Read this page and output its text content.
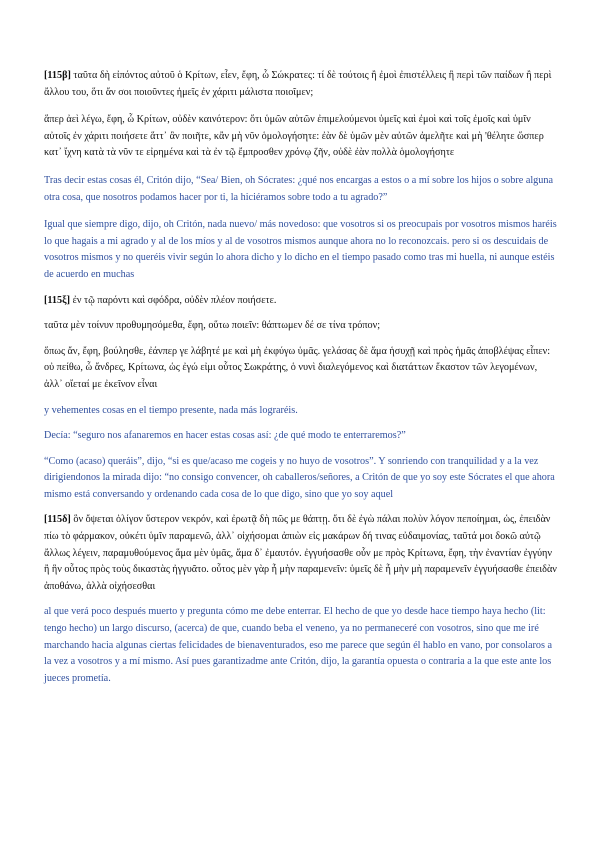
[115β] ταῦτα δὴ εἰπόντος αὐτοῦ ὁ Κρίτων, εἶεν, ἔφη, ὦ Σώκρατες: τί δὲ τούτοις ἢ ἐμοὶ ἐπιστέλλεις ἢ περὶ τῶν παίδων ἢ περὶ ἄλλου του, ὅτι ἄν σοι ποιοῦντες ἡμεῖς ἐν χάριτι μάλιστα ποιοῖμεν;

ἅπερ ἀεὶ λέγω, ἔφη, ὦ Κρίτων, οὐδὲν καινότερον: ὅτι ὑμῶν αὐτῶν ἐπιμελούμενοι ὑμεῖς καὶ ἐμοὶ καὶ τοῖς ἐμοῖς καὶ ὑμῖν αὐτοῖς ἐν χάριτι ποιήσετε ἅττ᾽ ἂν ποιῆτε, κἂν μὴ νῦν ὁμολογήσητε: ἐὰν δὲ ὑμῶν μὲν αὐτῶν ἀμελῆτε καὶ μὴ 'θέλητε ὥσπερ κατ᾽ ἴχνη κατὰ τὰ νῦν τε εἰρημένα καὶ τὰ ἐν τῷ ἔμπροσθεν χρόνῳ ζῆν, οὐδὲ ἐὰν πολλὰ ὁμολογήσητε

Tras decir estas cosas él, Critón dijo, “Sea/ Bien, oh Sócrates: ¿qué nos encargas a estos o a mí sobre los hijos o sobre alguna otra cosa, que nosotros podamos hacer por ti, la hiciéramos sobre todo a tu agrado?”

Igual que siempre digo, dijo, oh Critón, nada nuevo/ más novedoso: que vosotros si os preocupais por vosotros mismos haréis lo que hagais a mi agrado y al de los míos y al de vosotros mismos aunque ahora no lo reconozcais. pero si os descuidais de vosotros mismos y no queréis vivir según lo ahora dicho y lo dicho en el tiempo pasado como tras mi huella, ni aunque estéis de acuerdo en muchas

[115ξ] ἐν τῷ παρόντι καὶ σφόδρα, οὐδὲν πλέον ποιήσετε.

ταῦτα μὲν τοίνυν προθυμησόμεθα, ἔφη, οὕτω ποιεῖν: θάπτωμεν δέ σε τίνα τρόπον;

ὅπως ἄν, ἔφη, βούλησθε, ἐάνπερ γε λάβητέ με καὶ μὴ ἐκφύγω ὑμᾶς. γελάσας δὲ ἅμα ἡσυχῇ καὶ πρὸς ἡμᾶς ἀποβλέψας εἶπεν: οὐ πείθω, ὦ ἄνδρες, Κρίτωνα, ὡς ἐγώ εἰμι οὗτος Σωκράτης, ὁ νυνὶ διαλεγόμενος καὶ διατάττων ἕκαστον τῶν λεγομένων, ἀλλ᾽ οἴεταί με ἐκεῖνον εἶναι

y vehementes cosas en el tiempo presente, nada más lograréis.

Decía: “seguro nos afanaremos en hacer estas cosas así: ¿de qué modo te enterraremos?”

“Como (acaso) queráis”, dijo, “si es que/acaso me cogeis y no huyo de vosotros”. Y sonriendo con tranquilidad y a la vez dirigiendonos la mirada dijo: “no consigo convencer, oh caballeros/señores, a Critón de que yo soy este Sócrates el que ahora mismo está conversando y ordenando cada cosa de lo que digo, sino que yo soy aquel

[115δ] ὃν ὄψεται ὀλίγον ὕστερον νεκρόν, καὶ ἐρωτᾷ δὴ πῶς με θάπτῃ. ὅτι δὲ ἐγὼ πάλαι πολὺν λόγον πεποίημαι, ὡς, ἐπειδὰν πίω τὸ φάρμακον, οὐκέτι ὑμῖν παραμενῶ, ἀλλ᾽ οἰχήσομαι ἀπιὼν εἰς μακάρων δή τινας εὐδαιμονίας, ταῦτά μοι δοκῶ αὐτῷ ἄλλως λέγειν, παραμυθούμενος ἅμα μὲν ὑμᾶς, ἅμα δ᾽ ἐμαυτόν. ἐγγυήσασθε οὖν με πρὸς Κρίτωνα, ἔφη, τὴν ἐναντίαν ἐγγύην ἢ ἣν οὗτος πρὸς τοὺς δικαστὰς ἠγγυᾶτο. οὗτος μὲν γὰρ ἦ μὴν παραμενεῖν: ὑμεῖς δὲ ἦ μὴν μὴ παραμενεῖν ἐγγυήσασθε ἐπειδὰν ἀποθάνω, ἀλλὰ οἰχήσεσθαι

al que verá poco después muerto y pregunta cómo me debe enterrar. El hecho de que yo desde hace tiempo haya hecho (lit: tengo hecho) un largo discurso, (acerca) de que, cuando beba el veneno, ya no permaneceré con vosotros, sino que me iré marchando hacia algunas ciertas felicidades de bienaventurados, eso me parece que según él hablo en vano, por consolaros a la vez a vosotros y a mí mismo. Así pues garantizadme ante Critón, dijo, la garantía opuesta o contraria a la que este ante los jueces prometía.
